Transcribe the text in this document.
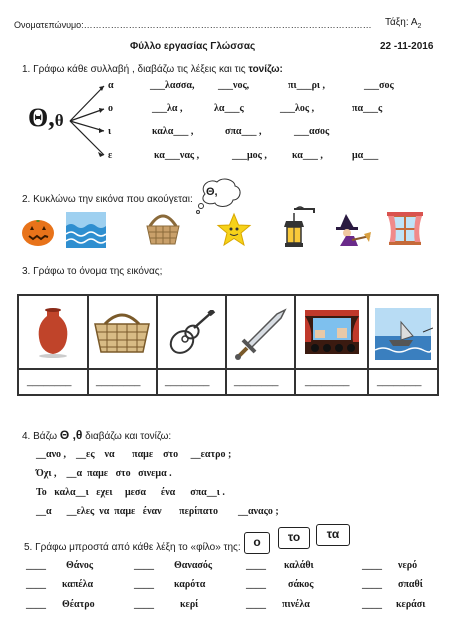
Ονοματεπώνυμο:…………………………………………………………………………………… Τάξη: $A_2$
Φύλλο εργασίας Γλώσσας	22 -11-2016
1. Γράφω κάθε συλλαβή , διαβάζω τις λέξεις και τις τονίζω:
Θ,θ
α	___λασσα, ___νος,	πι___ρι ,	___σος
ο	___λα ,	λα___ς	___λος ,	πα___ς
ι	καλα___ ,	σπα___ ,	___ασος
ε	κα___νας ,	___μος ,	κα___ ,	μα___
2. Κυκλώνω την εικόνα που ακούγεται:
Θ,
3. Γράφω το όνομα της εικόνας;
________ ________ ________ ________	________	________
4. Βάζω Θ ,θ διαβάζω και τονίζω:
__ανο ,    __ες    να       παμε    στο     __εατρο ;
Όχι ,    __α  παμε   στο   σινεμα .
Το   καλα__ι   εχει     μεσα      ένα      σπα__ι .
__α      __ελες  να  παμε   έναν       περίπατο        __αναςο ;
5. Γράφω μπροστά από κάθε λέξη το «φίλο» της:	ο	το	τα
____ Θάνος	____ Θανασός	____ καλάθι	____ νερό
____ καπέλα	____ καρότα	____ σάκος	____ σπαθί
____ Θέατρο	____	κερί	____ πινέλα	____ κεράσι
